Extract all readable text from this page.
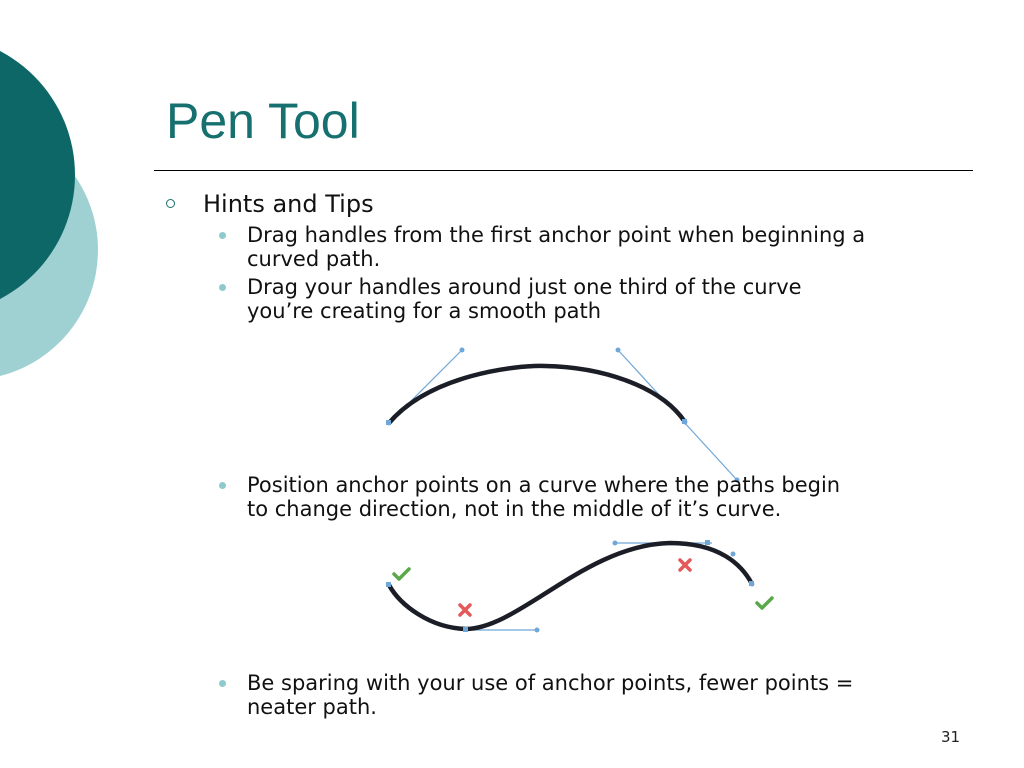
Pen Tool
Hints and Tips
Drag handles from the first anchor point when beginning a
curved path.
Drag your handles around just one third of the curve
you’re creating for a smooth path
Position anchor points on a curve where the paths begin
to change direction, not in the middle of it’s curve.
Be sparing with your use of anchor points, fewer points =
neater path.
31
